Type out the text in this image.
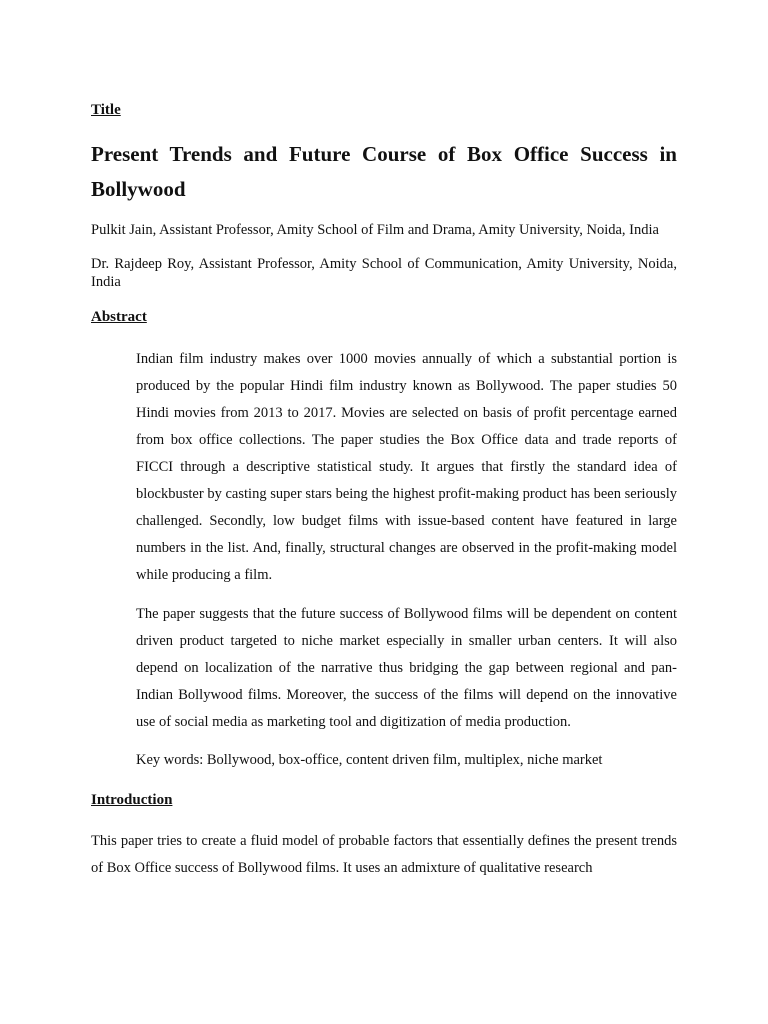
Title

Present Trends and Future Course of Box Office Success in Bollywood

Pulkit Jain, Assistant Professor, Amity School of Film and Drama, Amity University, Noida, India

Dr. Rajdeep Roy, Assistant Professor, Amity School of Communication, Amity University, Noida, India

Abstract

Indian film industry makes over 1000 movies annually of which a substantial portion is produced by the popular Hindi film industry known as Bollywood. The paper studies 50 Hindi movies from 2013 to 2017. Movies are selected on basis of profit percentage earned from box office collections. The paper studies the Box Office data and trade reports of FICCI through a descriptive statistical study. It argues that firstly the standard idea of blockbuster by casting super stars being the highest profit-making product has been seriously challenged. Secondly, low budget films with issue-based content have featured in large numbers in the list. And, finally, structural changes are observed in the profit-making model while producing a film.

The paper suggests that the future success of Bollywood films will be dependent on content driven product targeted to niche market especially in smaller urban centers. It will also depend on localization of the narrative thus bridging the gap between regional and pan-Indian Bollywood films. Moreover, the success of the films will depend on the innovative use of social media as marketing tool and digitization of media production.

Key words: Bollywood, box-office, content driven film, multiplex, niche market

Introduction

This paper tries to create a fluid model of probable factors that essentially defines the present trends of Box Office success of Bollywood films. It uses an admixture of qualitative research
